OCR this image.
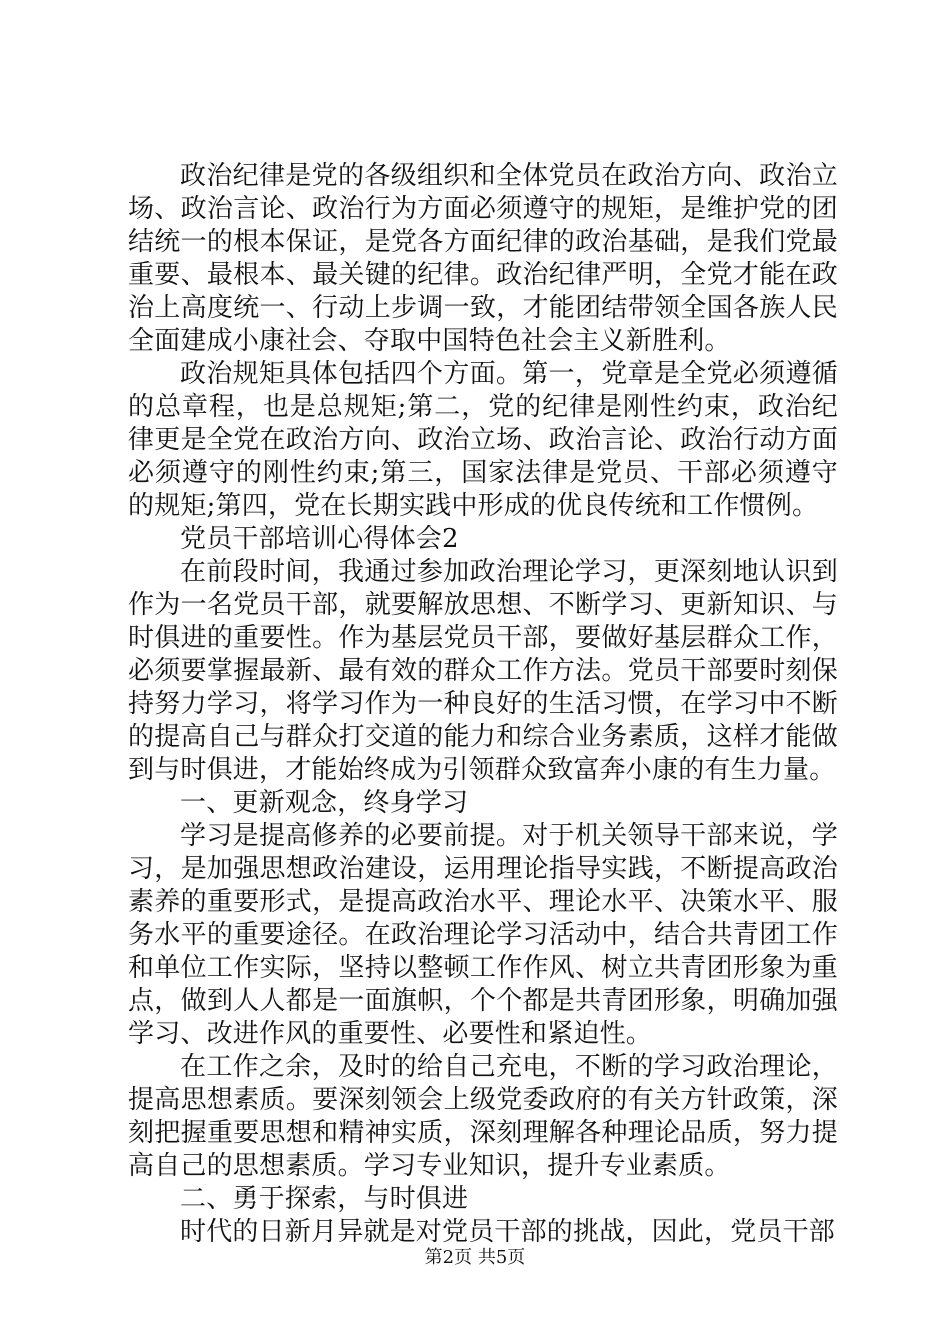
政治纪律是党的各级组织和全体党员在政治方向、政治立场、政治言论、政治行为方面必须遵守的规矩，是维护党的团结统一的根本保证，是党各方面纪律的政治基础，是我们党最重要、最根本、最关键的纪律。政治纪律严明，全党才能在政治上高度统一、行动上步调一致，才能团结带领全国各族人民全面建成小康社会、夺取中国特色社会主义新胜利。

政治规矩具体包括四个方面。第一，党章是全党必须遵循的总章程，也是总规矩;第二，党的纪律是刚性约束，政治纪律更是全党在政治方向、政治立场、政治言论、政治行动方面必须遵守的刚性约束;第三，国家法律是党员、干部必须遵守的规矩;第四，党在长期实践中形成的优良传统和工作惯例。

党员干部培训心得体会2

在前段时间，我通过参加政治理论学习，更深刻地认识到作为一名党员干部，就要解放思想、不断学习、更新知识、与时俱进的重要性。作为基层党员干部，要做好基层群众工作，必须要掌握最新、最有效的群众工作方法。党员干部要时刻保持努力学习，将学习作为一种良好的生活习惯，在学习中不断的提高自己与群众打交道的能力和综合业务素质，这样才能做到与时俱进，才能始终成为引领群众致富奔小康的有生力量。

一、更新观念，终身学习

学习是提高修养的必要前提。对于机关领导干部来说，学习，是加强思想政治建设，运用理论指导实践，不断提高政治素养的重要形式，是提高政治水平、理论水平、决策水平、服务水平的重要途径。在政治理论学习活动中，结合共青团工作和单位工作实际，坚持以整顿工作作风、树立共青团形象为重点，做到人人都是一面旗帜，个个都是共青团形象，明确加强学习、改进作风的重要性、必要性和紧迫性。

在工作之余，及时的给自己充电，不断的学习政治理论，提高思想素质。要深刻领会上级党委政府的有关方针政策，深刻把握重要思想和精神实质，深刻理解各种理论品质，努力提高自己的思想素质。学习专业知识，提升专业素质。

二、勇于探索，与时俱进

时代的日新月异就是对党员干部的挑战，因此，党员干部

第2页 共5页
